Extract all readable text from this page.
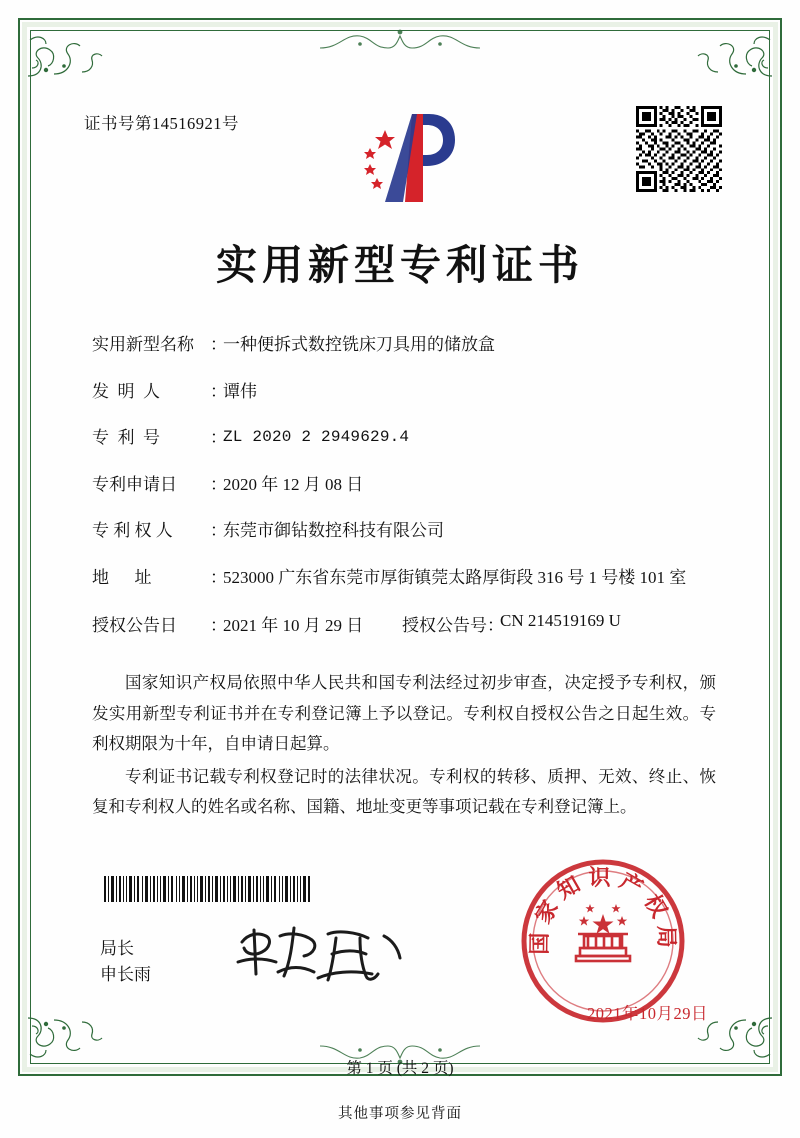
证书号第14516921号
实用新型专利证书
实用新型名称 ：
一种便拆式数控铣床刀具用的储放盒
发  明  人	：
谭伟
专  利  号	：
ZL 2020 2 2949629.4
专利申请日	：
2020 年 12 月 08 日
专 利 权 人	：
东莞市御钻数控科技有限公司
地      址	：
523000 广东省东莞市厚街镇莞太路厚街段 316 号 1 号楼 101 室
授权公告日	：
2021 年 10 月 29 日	授权公告号 ：
CN 214519169 U

国家知识产权局依照中华人民共和国专利法经过初步审查，决定授予专利权，颁发实用新型专利证书并在专利登记簿上予以登记。专利权自授权公告之日起生效。专利权期限为十年，自申请日起算。

专利证书记载专利权登记时的法律状况。专利权的转移、质押、无效、终止、恢复和专利权人的姓名或名称、国籍、地址变更等事项记载在专利登记簿上。

局长
申长雨
国家知识产权局
2021年10月29日
第 1 页 (共 2 页)
其他事项参见背面
